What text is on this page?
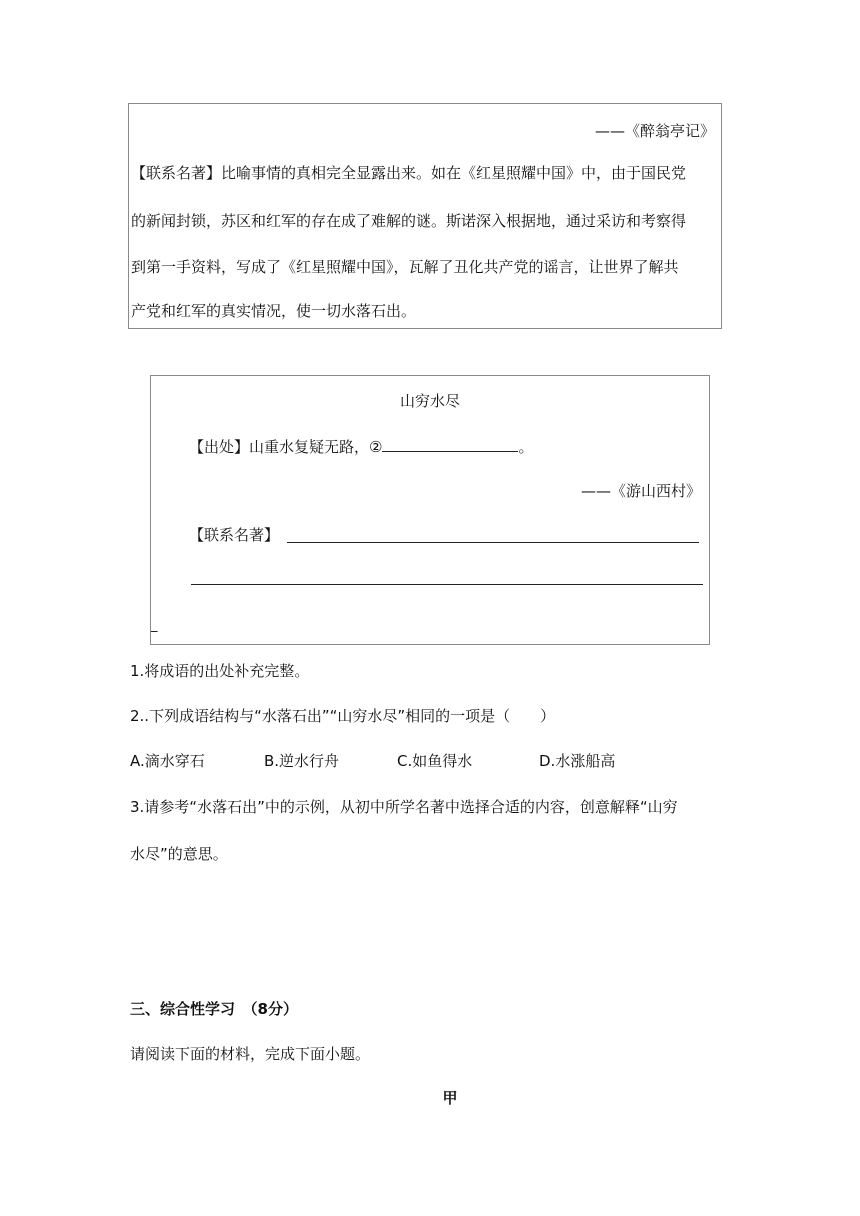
——《醉翁亭记》
【联系名著】比喻事情的真相完全显露出来。如在《红星照耀中国》中，由于国民党
的新闻封锁，苏区和红军的存在成了难解的谜。斯诺深入根据地，通过采访和考察得
到第一手资料，写成了《红星照耀中国》，瓦解了丑化共产党的谣言，让世界了解共
产党和红军的真实情况，使一切水落石出。
山穷水尽
【出处】山重水复疑无路，②	。
——《游山西村》
【联系名著】
_
1.将成语的出处补充完整。
2..下列成语结构与“水落石出”“山穷水尽”相同的一项是（　　）
A.滴水穿石	B.逆水行舟	C.如鱼得水	D.水涨船高
3.请参考“水落石出”中的示例，从初中所学名著中选择合适的内容，创意解释“山穷
水尽”的意思。
三、综合性学习　（8分）
请阅读下面的材料，完成下面小题。
甲
